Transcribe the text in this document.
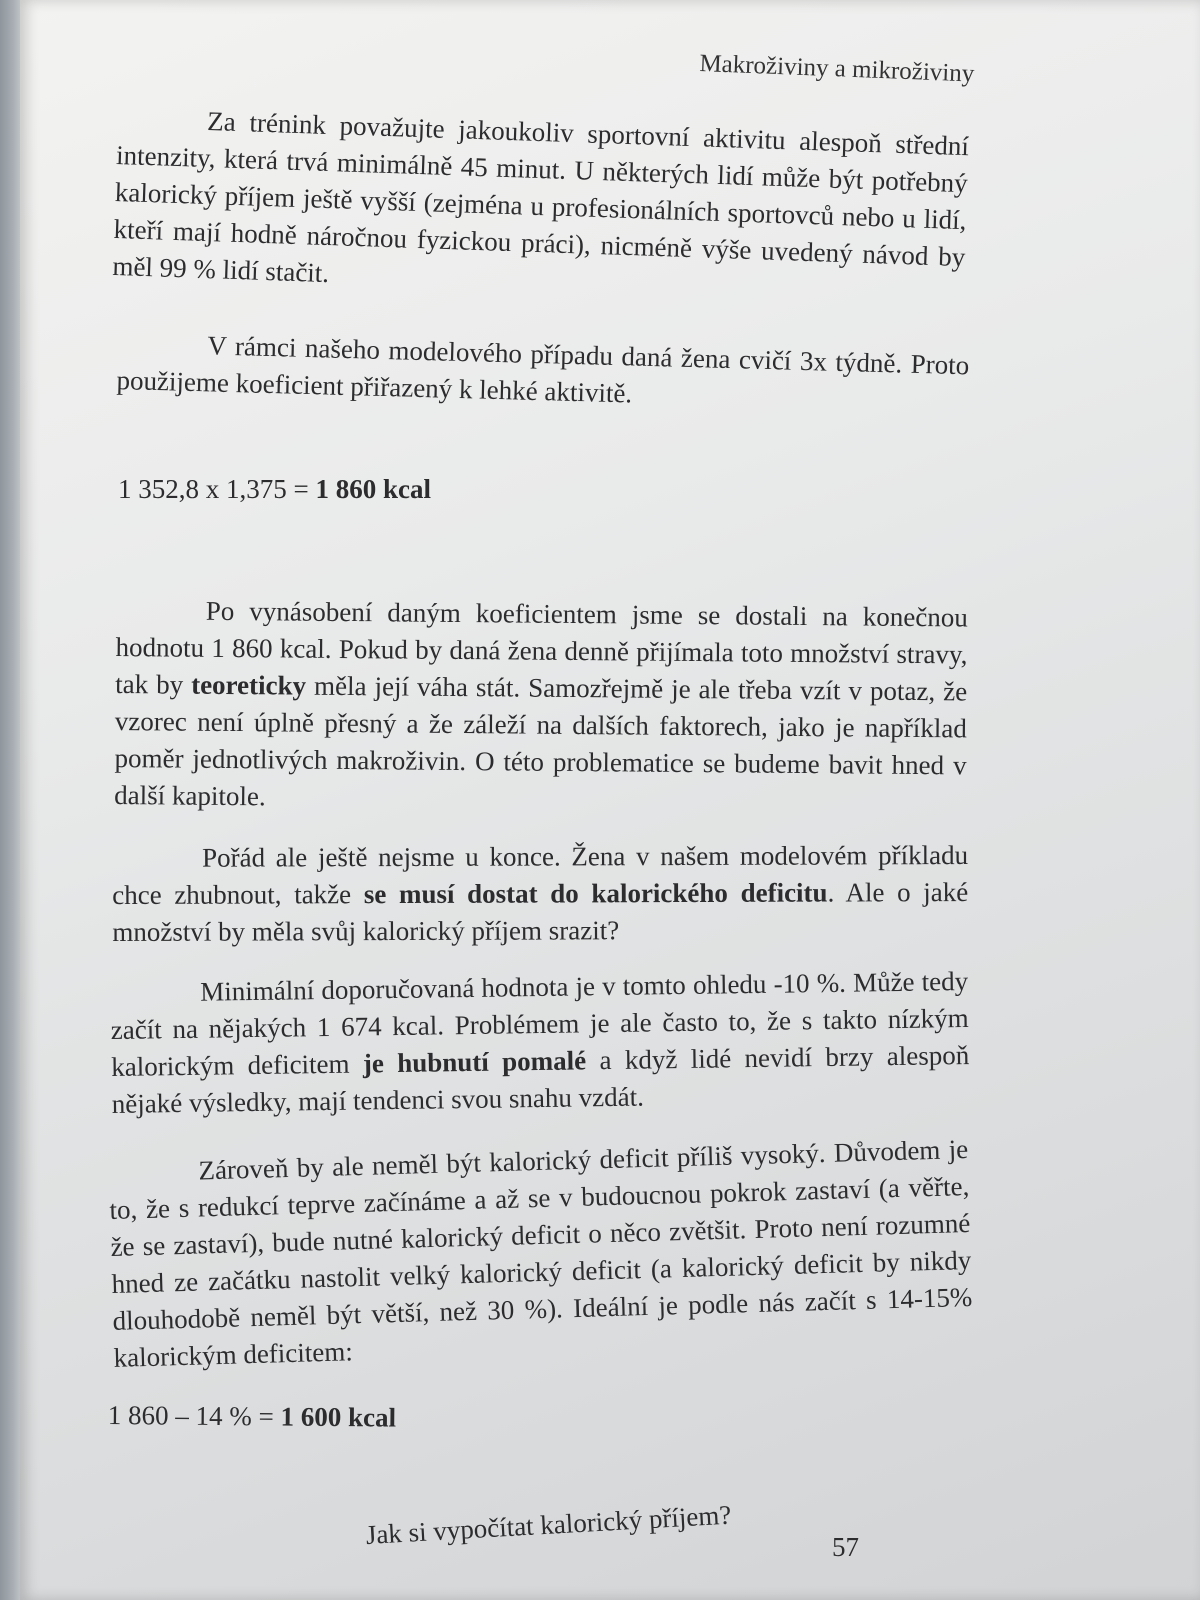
Makroživiny a mikroživiny

Za trénink považujte jakoukoliv sportovní aktivitu alespoň střední intenzity, která trvá minimálně 45 minut. U některých lidí může být potřebný kalorický příjem ještě vyšší (zejména u profesionálních sportovců nebo u lidí, kteří mají hodně náročnou fyzickou práci), nicméně výše uvedený návod by měl 99 % lidí stačit.

V rámci našeho modelového případu daná žena cvičí 3x týdně. Proto použijeme koeficient přiřazený k lehké aktivitě.

1 352,8 x 1,375 = 1 860 kcal

Po vynásobení daným koeficientem jsme se dostali na konečnou hodnotu 1 860 kcal. Pokud by daná žena denně přijímala toto množství stravy, tak by teoreticky měla její váha stát. Samozřejmě je ale třeba vzít v potaz, že vzorec není úplně přesný a že záleží na dalších faktorech, jako je například poměr jednotlivých makroživin. O této problematice se budeme bavit hned v další kapitole.

Pořád ale ještě nejsme u konce. Žena v našem modelovém příkladu chce zhubnout, takže se musí dostat do kalorického deficitu. Ale o jaké množství by měla svůj kalorický příjem srazit?

Minimální doporučovaná hodnota je v tomto ohledu -10 %. Může tedy začít na nějakých 1 674 kcal. Problémem je ale často to, že s takto nízkým kalorickým deficitem je hubnutí pomalé a když lidé nevidí brzy alespoň nějaké výsledky, mají tendenci svou snahu vzdát.

Zároveň by ale neměl být kalorický deficit příliš vysoký. Důvodem je to, že s redukcí teprve začínáme a až se v budoucnou pokrok zastaví (a věřte, že se zastaví), bude nutné kalorický deficit o něco zvětšit. Proto není rozumné hned ze začátku nastolit velký kalorický deficit (a kalorický deficit by nikdy dlouhodobě neměl být větší, než 30 %). Ideální je podle nás začít s 14-15% kalorickým deficitem:

1 860 – 14 % = 1 600 kcal
Jak si vypočítat kalorický příjem?	57
